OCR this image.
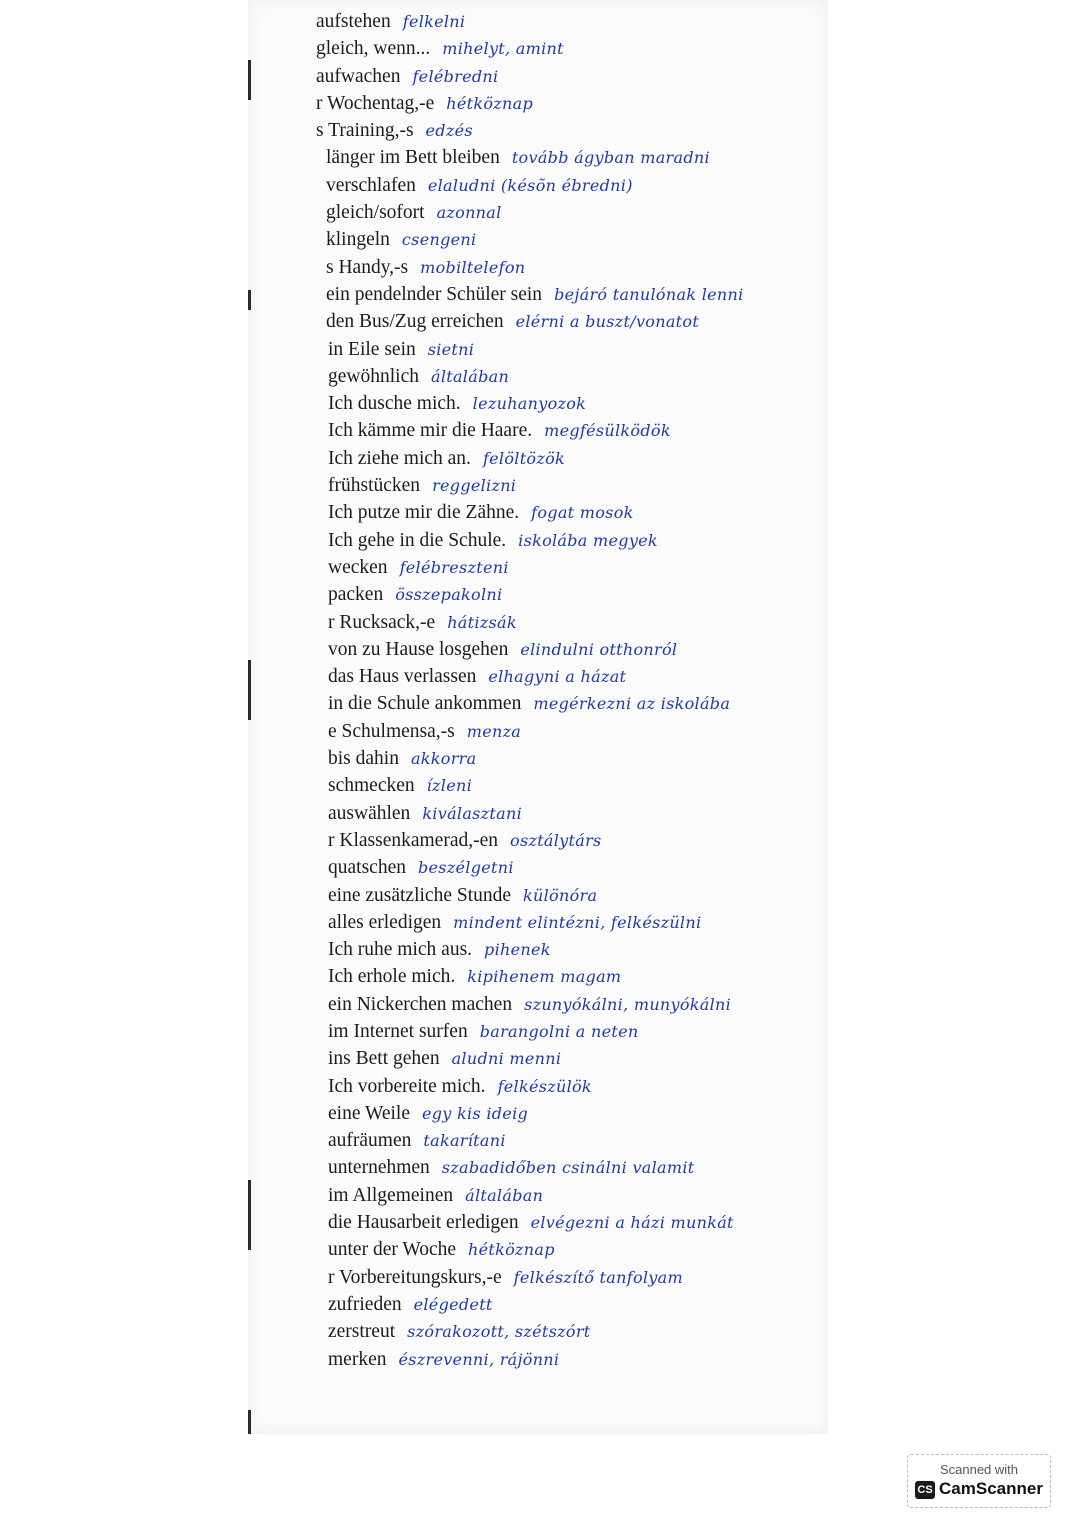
aufstehen felkelni
gleich, wenn... mihelyt, amint
aufwachen felébredni
r Wochentag,-e hétköznap
s Training,-s edzés
länger im Bett bleiben tovább ágyban maradni
verschlafen elaludni (késõn ébredni)
gleich/sofort azonnal
klingeln csengeni
s Handy,-s mobiltelefon
ein pendelnder Schüler sein bejáró tanulónak lenni
den Bus/Zug erreichen elérni a buszt/vonatot
in Eile sein sietni
gewöhnlich általában
Ich dusche mich. lezuhanyozok
Ich kämme mir die Haare. megfésülködök
Ich ziehe mich an. felöltözök
frühstücken reggelizni
Ich putze mir die Zähne. fogat mosok
Ich gehe in die Schule. iskolába megyek
wecken felébreszteni
packen összepakolni
r Rucksack,-e hátizsák
von zu Hause losgehen elindulni otthonról
das Haus verlassen elhagyni a házat
in die Schule ankommen megérkezni az iskolába
e Schulmensa,-s menza
bis dahin akkorra
schmecken ízleni
auswählen kiválasztani
r Klassenkamerad,-en osztálytárs
quatschen beszélgetni
eine zusätzliche Stunde különóra
alles erledigen mindent elintézni, felkészülni
Ich ruhe mich aus. pihenek
Ich erhole mich. kipihenem magam
ein Nickerchen machen szunyókálni, munyókálni
im Internet surfen barangolni a neten
ins Bett gehen aludni menni
Ich vorbereite mich. felkészülök
eine Weile egy kis ideig
aufräumen takarítani
unternehmen szabadidőben csinálni valamit
im Allgemeinen általában
die Hausarbeit erledigen elvégezni a házi munkát
unter der Woche hétköznap
r Vorbereitungskurs,-e felkészítő tanfolyam
zufrieden elégedett
zerstreut szórakozott, szétszórt
merken észrevenni, rájönni
Scanned with
CS CamScanner
